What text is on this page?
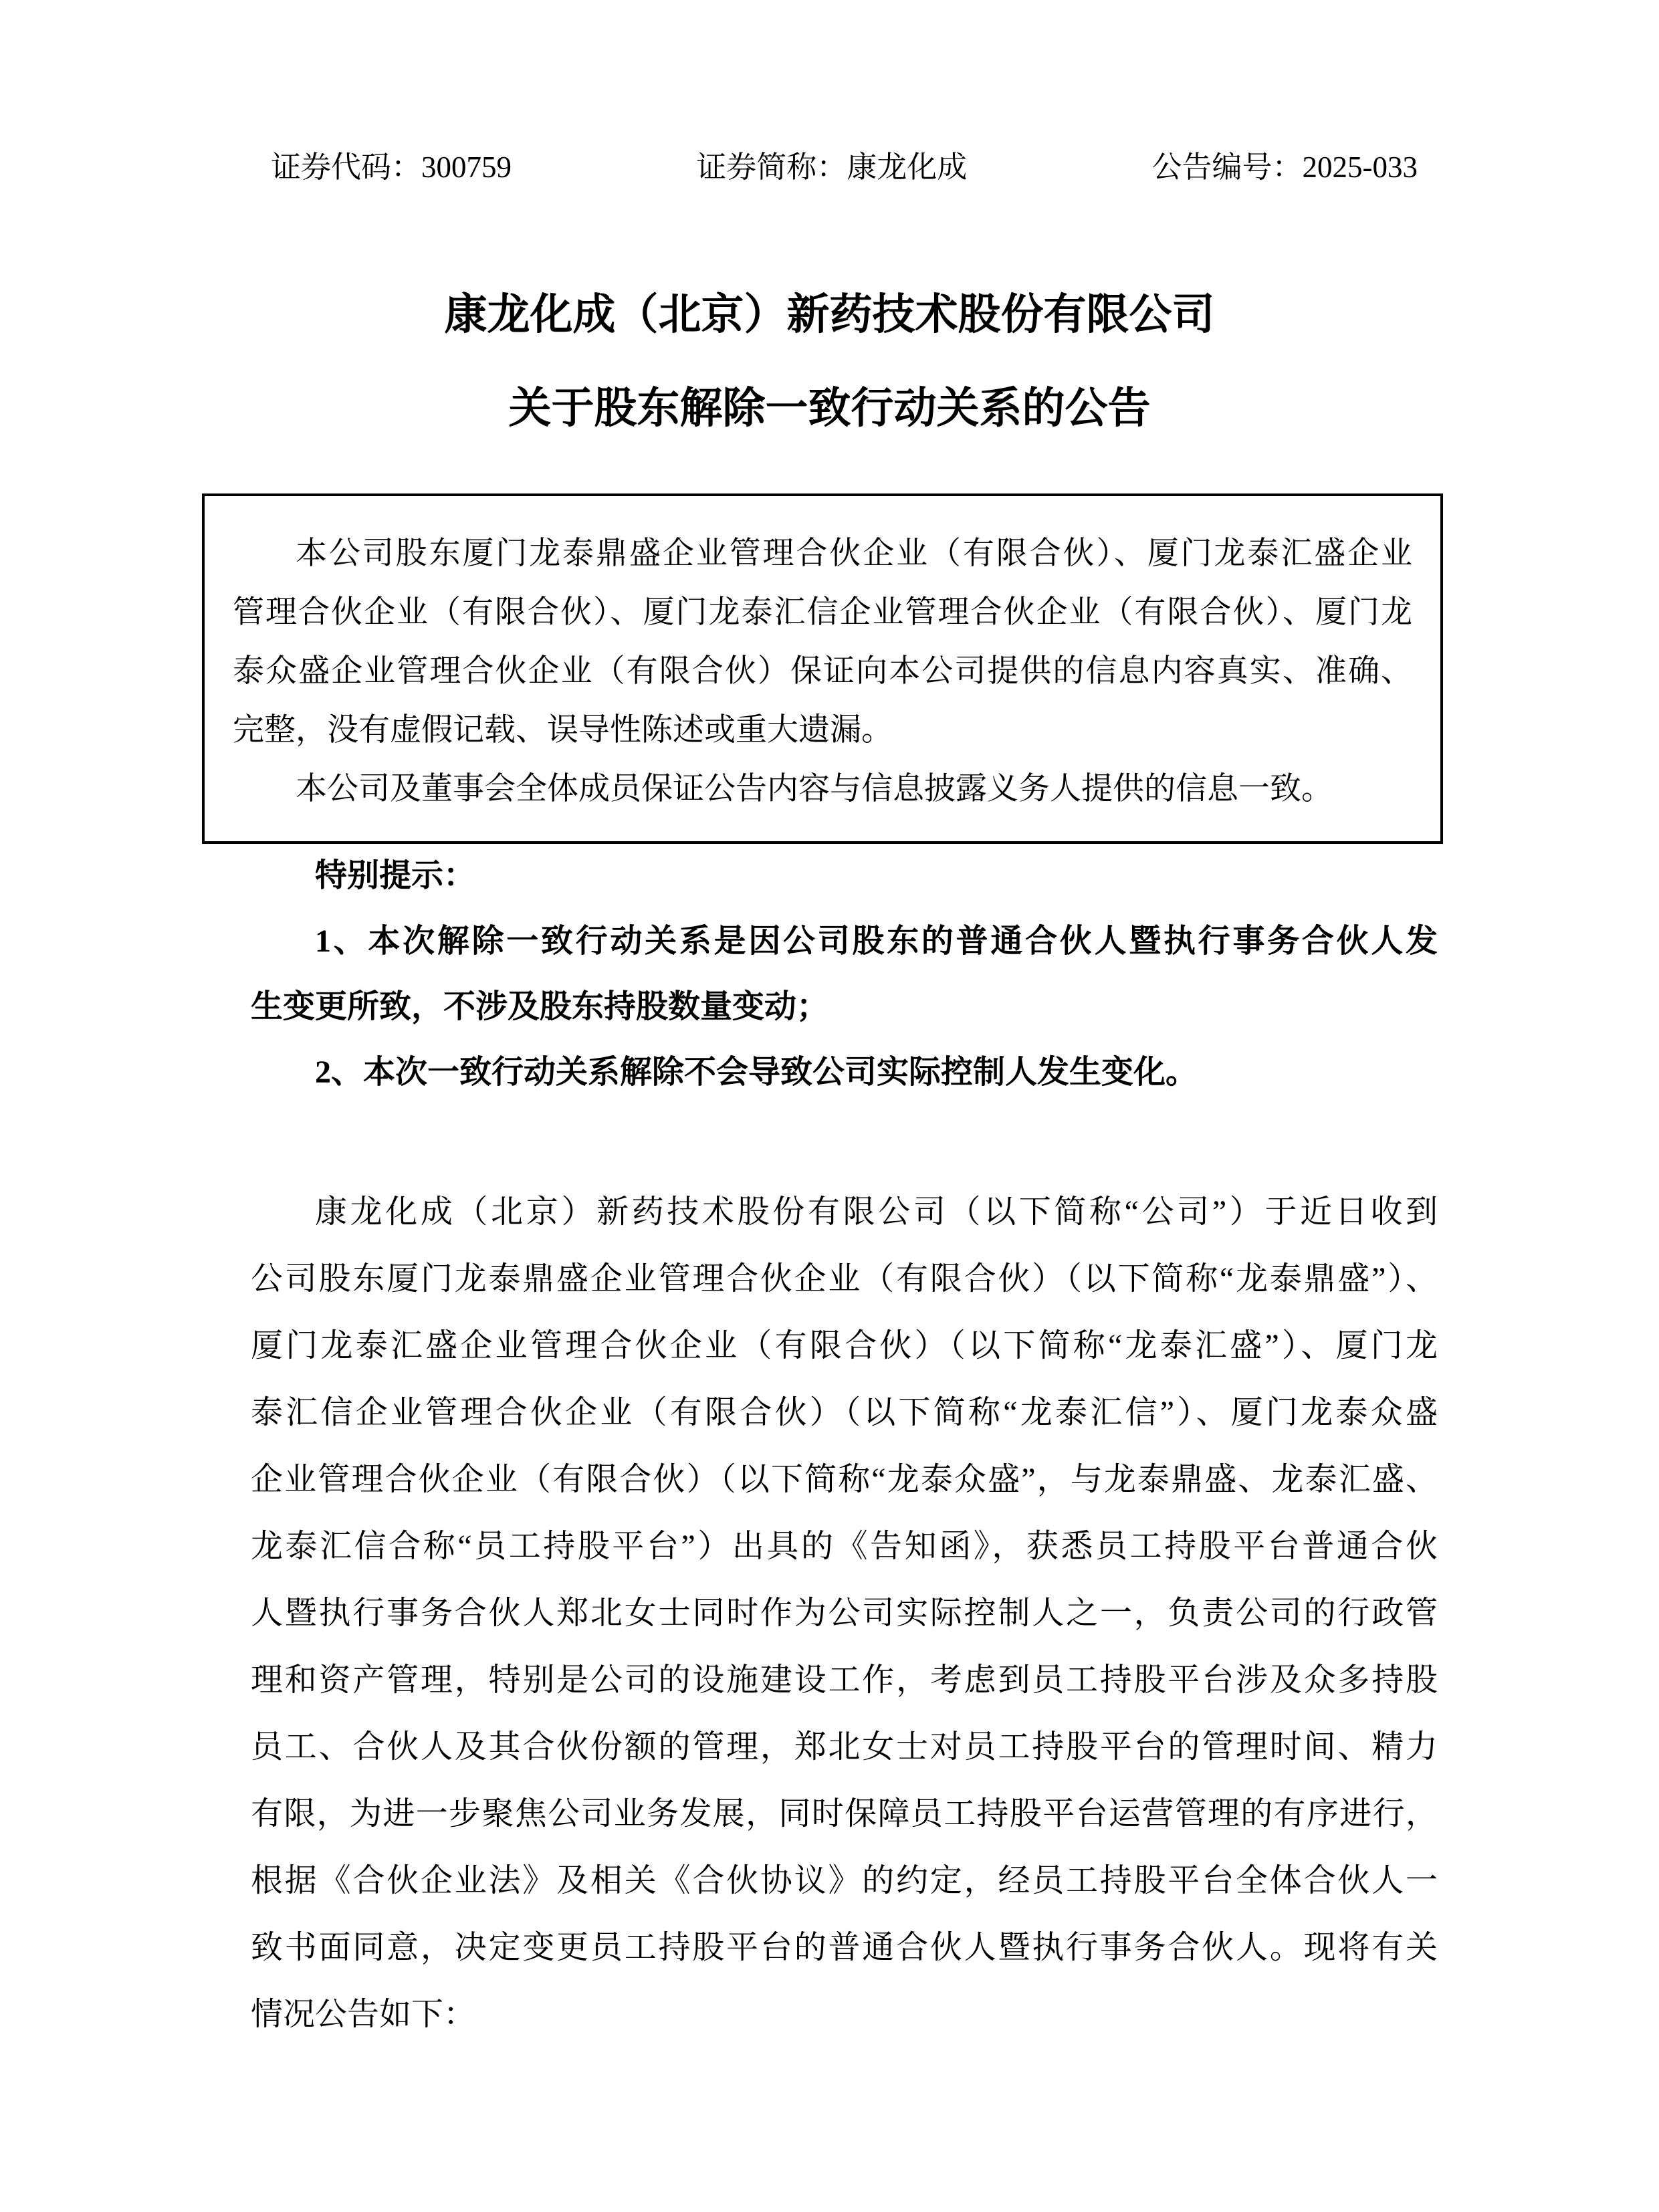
证券代码：300759	证券简称：康龙化成	公告编号：2025-033
康龙化成（北京）新药技术股份有限公司
关于股东解除一致行动关系的公告
本公司股东厦门龙泰鼎盛企业管理合伙企业（有限合伙）、厦门龙泰汇盛企业
管理合伙企业（有限合伙）、厦门龙泰汇信企业管理合伙企业（有限合伙）、厦门龙
泰众盛企业管理合伙企业（有限合伙）保证向本公司提供的信息内容真实、准确、
完整，没有虚假记载、误导性陈述或重大遗漏。
本公司及董事会全体成员保证公告内容与信息披露义务人提供的信息一致。
特别提示：
1、本次解除一致行动关系是因公司股东的普通合伙人暨执行事务合伙人发
生变更所致，不涉及股东持股数量变动；
2、本次一致行动关系解除不会导致公司实际控制人发生变化。
康龙化成（北京）新药技术股份有限公司（以下简称“公司”）于近日收到
公司股东厦门龙泰鼎盛企业管理合伙企业（有限合伙）（以下简称“龙泰鼎盛”）、
厦门龙泰汇盛企业管理合伙企业（有限合伙）（以下简称“龙泰汇盛”）、厦门龙
泰汇信企业管理合伙企业（有限合伙）（以下简称“龙泰汇信”）、厦门龙泰众盛
企业管理合伙企业（有限合伙）（以下简称“龙泰众盛”，与龙泰鼎盛、龙泰汇盛、
龙泰汇信合称“员工持股平台”）出具的《告知函》，获悉员工持股平台普通合伙
人暨执行事务合伙人郑北女士同时作为公司实际控制人之一，负责公司的行政管
理和资产管理，特别是公司的设施建设工作，考虑到员工持股平台涉及众多持股
员工、合伙人及其合伙份额的管理，郑北女士对员工持股平台的管理时间、精力
有限，为进一步聚焦公司业务发展，同时保障员工持股平台运营管理的有序进行，
根据《合伙企业法》及相关《合伙协议》的约定，经员工持股平台全体合伙人一
致书面同意，决定变更员工持股平台的普通合伙人暨执行事务合伙人。现将有关
情况公告如下：
